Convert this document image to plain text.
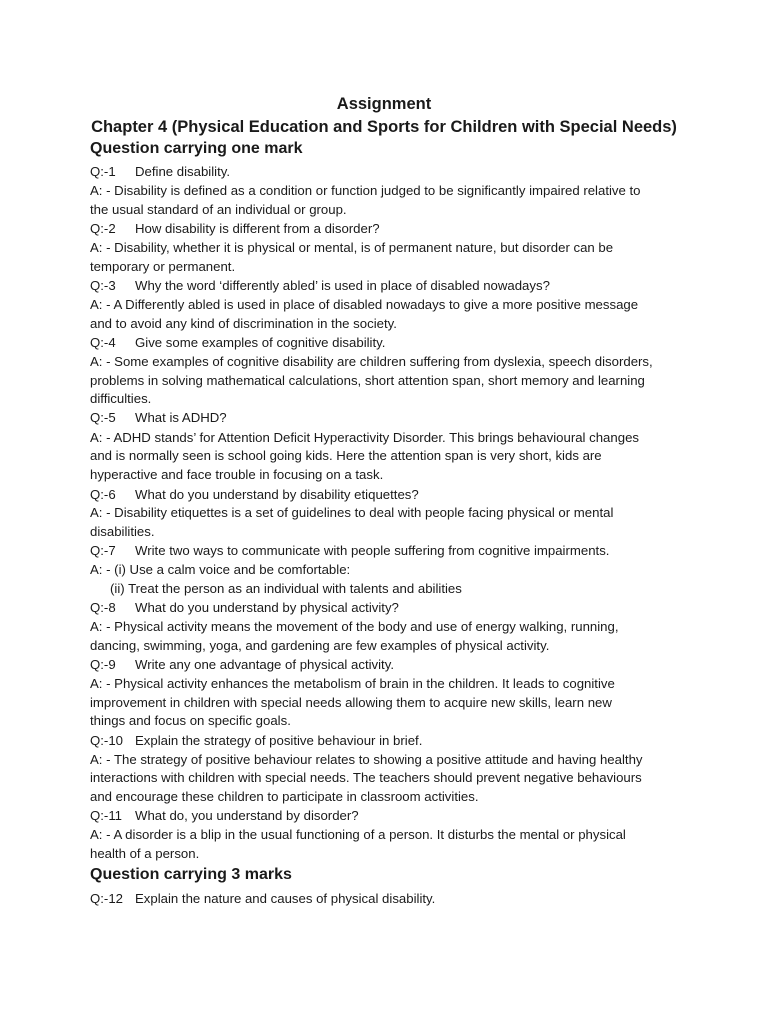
Assignment
Chapter 4 (Physical Education and Sports for Children with Special Needs)
Question carrying one mark
Q:-1 Define disability.
A: - Disability is defined as a condition or function judged to be significantly impaired relative to
the usual standard of an individual or group.
Q:-2 How disability is different from a disorder?
A: - Disability, whether it is physical or mental, is of permanent nature, but disorder can be
temporary or permanent.
Q:-3 Why the word ‘differently abled’ is used in place of disabled nowadays?
A: - A Differently abled is used in place of disabled nowadays to give a more positive message
and to avoid any kind of discrimination in the society.
Q:-4 Give some examples of cognitive disability.
A: - Some examples of cognitive disability are children suffering from dyslexia, speech disorders,
problems in solving mathematical calculations, short attention span, short memory and learning
difficulties.
Q:-5 What is ADHD?
A: - ADHD stands’ for Attention Deficit Hyperactivity Disorder. This brings behavioural changes
and is normally seen is school going kids. Here the attention span is very short, kids are
hyperactive and face trouble in focusing on a task.
Q:-6 What do you understand by disability etiquettes?
A: - Disability etiquettes is a set of guidelines to deal with people facing physical or mental
disabilities.
Q:-7 Write two ways to communicate with people suffering from cognitive impairments.
A: - (i) Use a calm voice and be comfortable:
(ii) Treat the person as an individual with talents and abilities
Q:-8 What do you understand by physical activity?
A: - Physical activity means the movement of the body and use of energy walking, running,
dancing, swimming, yoga, and gardening are few examples of physical activity.
Q:-9 Write any one advantage of physical activity.
A: - Physical activity enhances the metabolism of brain in the children. It leads to cognitive
improvement in children with special needs allowing them to acquire new skills, learn new
things and focus on specific goals.
Q:-10 Explain the strategy of positive behaviour in brief.
A: - The strategy of positive behaviour relates to showing a positive attitude and having healthy
interactions with children with special needs. The teachers should prevent negative behaviours
and encourage these children to participate in classroom activities.
Q:-11 What do, you understand by disorder?
A: - A disorder is a blip in the usual functioning of a person. It disturbs the mental or physical
health of a person.
Question carrying 3 marks
Q:-12 Explain the nature and causes of physical disability.
